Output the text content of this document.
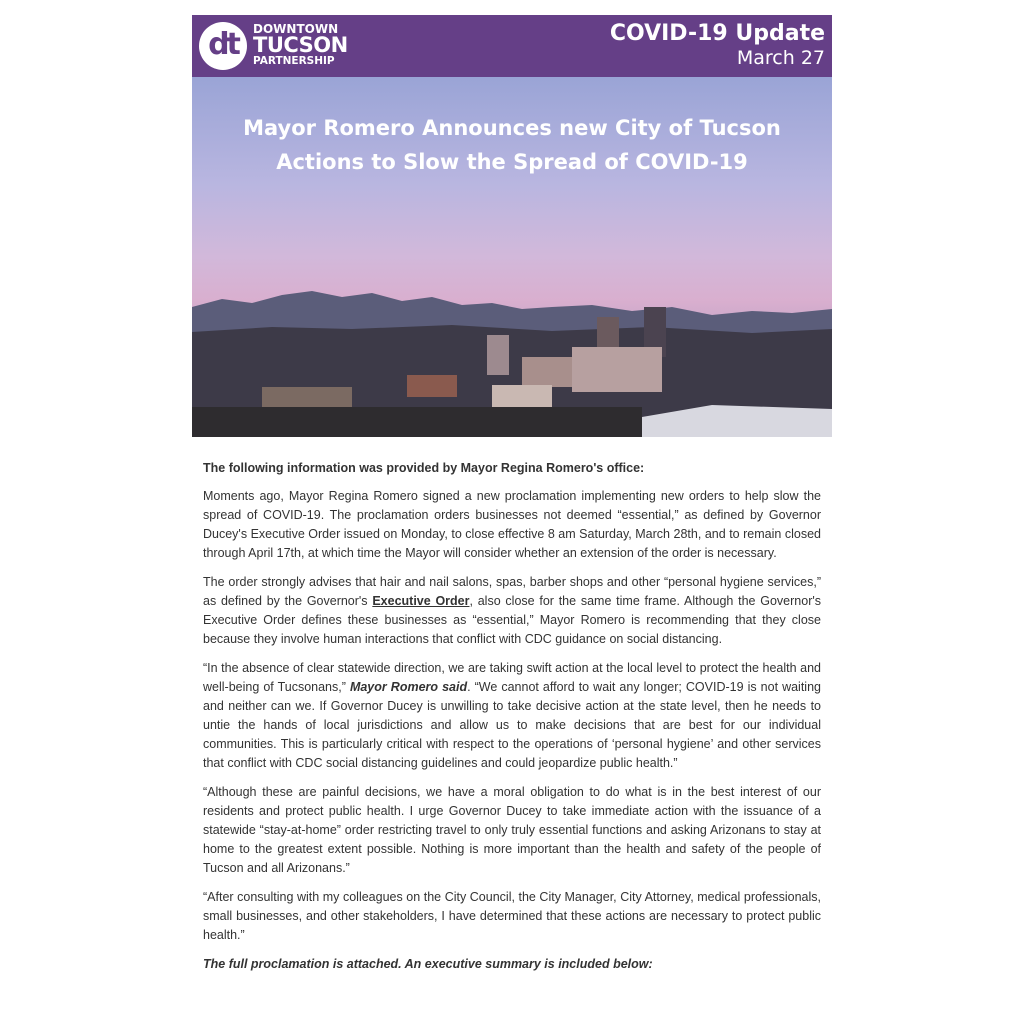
dt	DOWNTOWN
TUCSON
PARTNERSHIP
COVID-19 Update
March 27
Mayor Romero Announces new City of Tucson
Actions to Slow the Spread of COVID-19

The following information was provided by Mayor Regina Romero's office:

Moments ago, Mayor Regina Romero signed a new proclamation implementing new orders to help slow the spread of COVID-19. The proclamation orders businesses not deemed “essential,” as defined by Governor Ducey's Executive Order issued on Monday, to close effective 8 am Saturday, March 28th, and to remain closed through April 17th, at which time the Mayor will consider whether an extension of the order is necessary.

The order strongly advises that hair and nail salons, spas, barber shops and other “personal hygiene services,” as defined by the Governor's Executive Order, also close for the same time frame. Although the Governor's Executive Order defines these businesses as “essential,” Mayor Romero is recommending that they close because they involve human interactions that conflict with CDC guidance on social distancing.

“In the absence of clear statewide direction, we are taking swift action at the local level to protect the health and well-being of Tucsonans,” Mayor Romero said. “We cannot afford to wait any longer; COVID-19 is not waiting and neither can we. If Governor Ducey is unwilling to take decisive action at the state level, then he needs to untie the hands of local jurisdictions and allow us to make decisions that are best for our individual communities. This is particularly critical with respect to the operations of ‘personal hygiene’ and other services that conflict with CDC social distancing guidelines and could jeopardize public health.”

“Although these are painful decisions, we have a moral obligation to do what is in the best interest of our residents and protect public health. I urge Governor Ducey to take immediate action with the issuance of a statewide “stay-at-home” order restricting travel to only truly essential functions and asking Arizonans to stay at home to the greatest extent possible. Nothing is more important than the health and safety of the people of Tucson and all Arizonans.”

“After consulting with my colleagues on the City Council, the City Manager, City Attorney, medical professionals, small businesses, and other stakeholders, I have determined that these actions are necessary to protect public health.”

The full proclamation is attached. An executive summary is included below:
